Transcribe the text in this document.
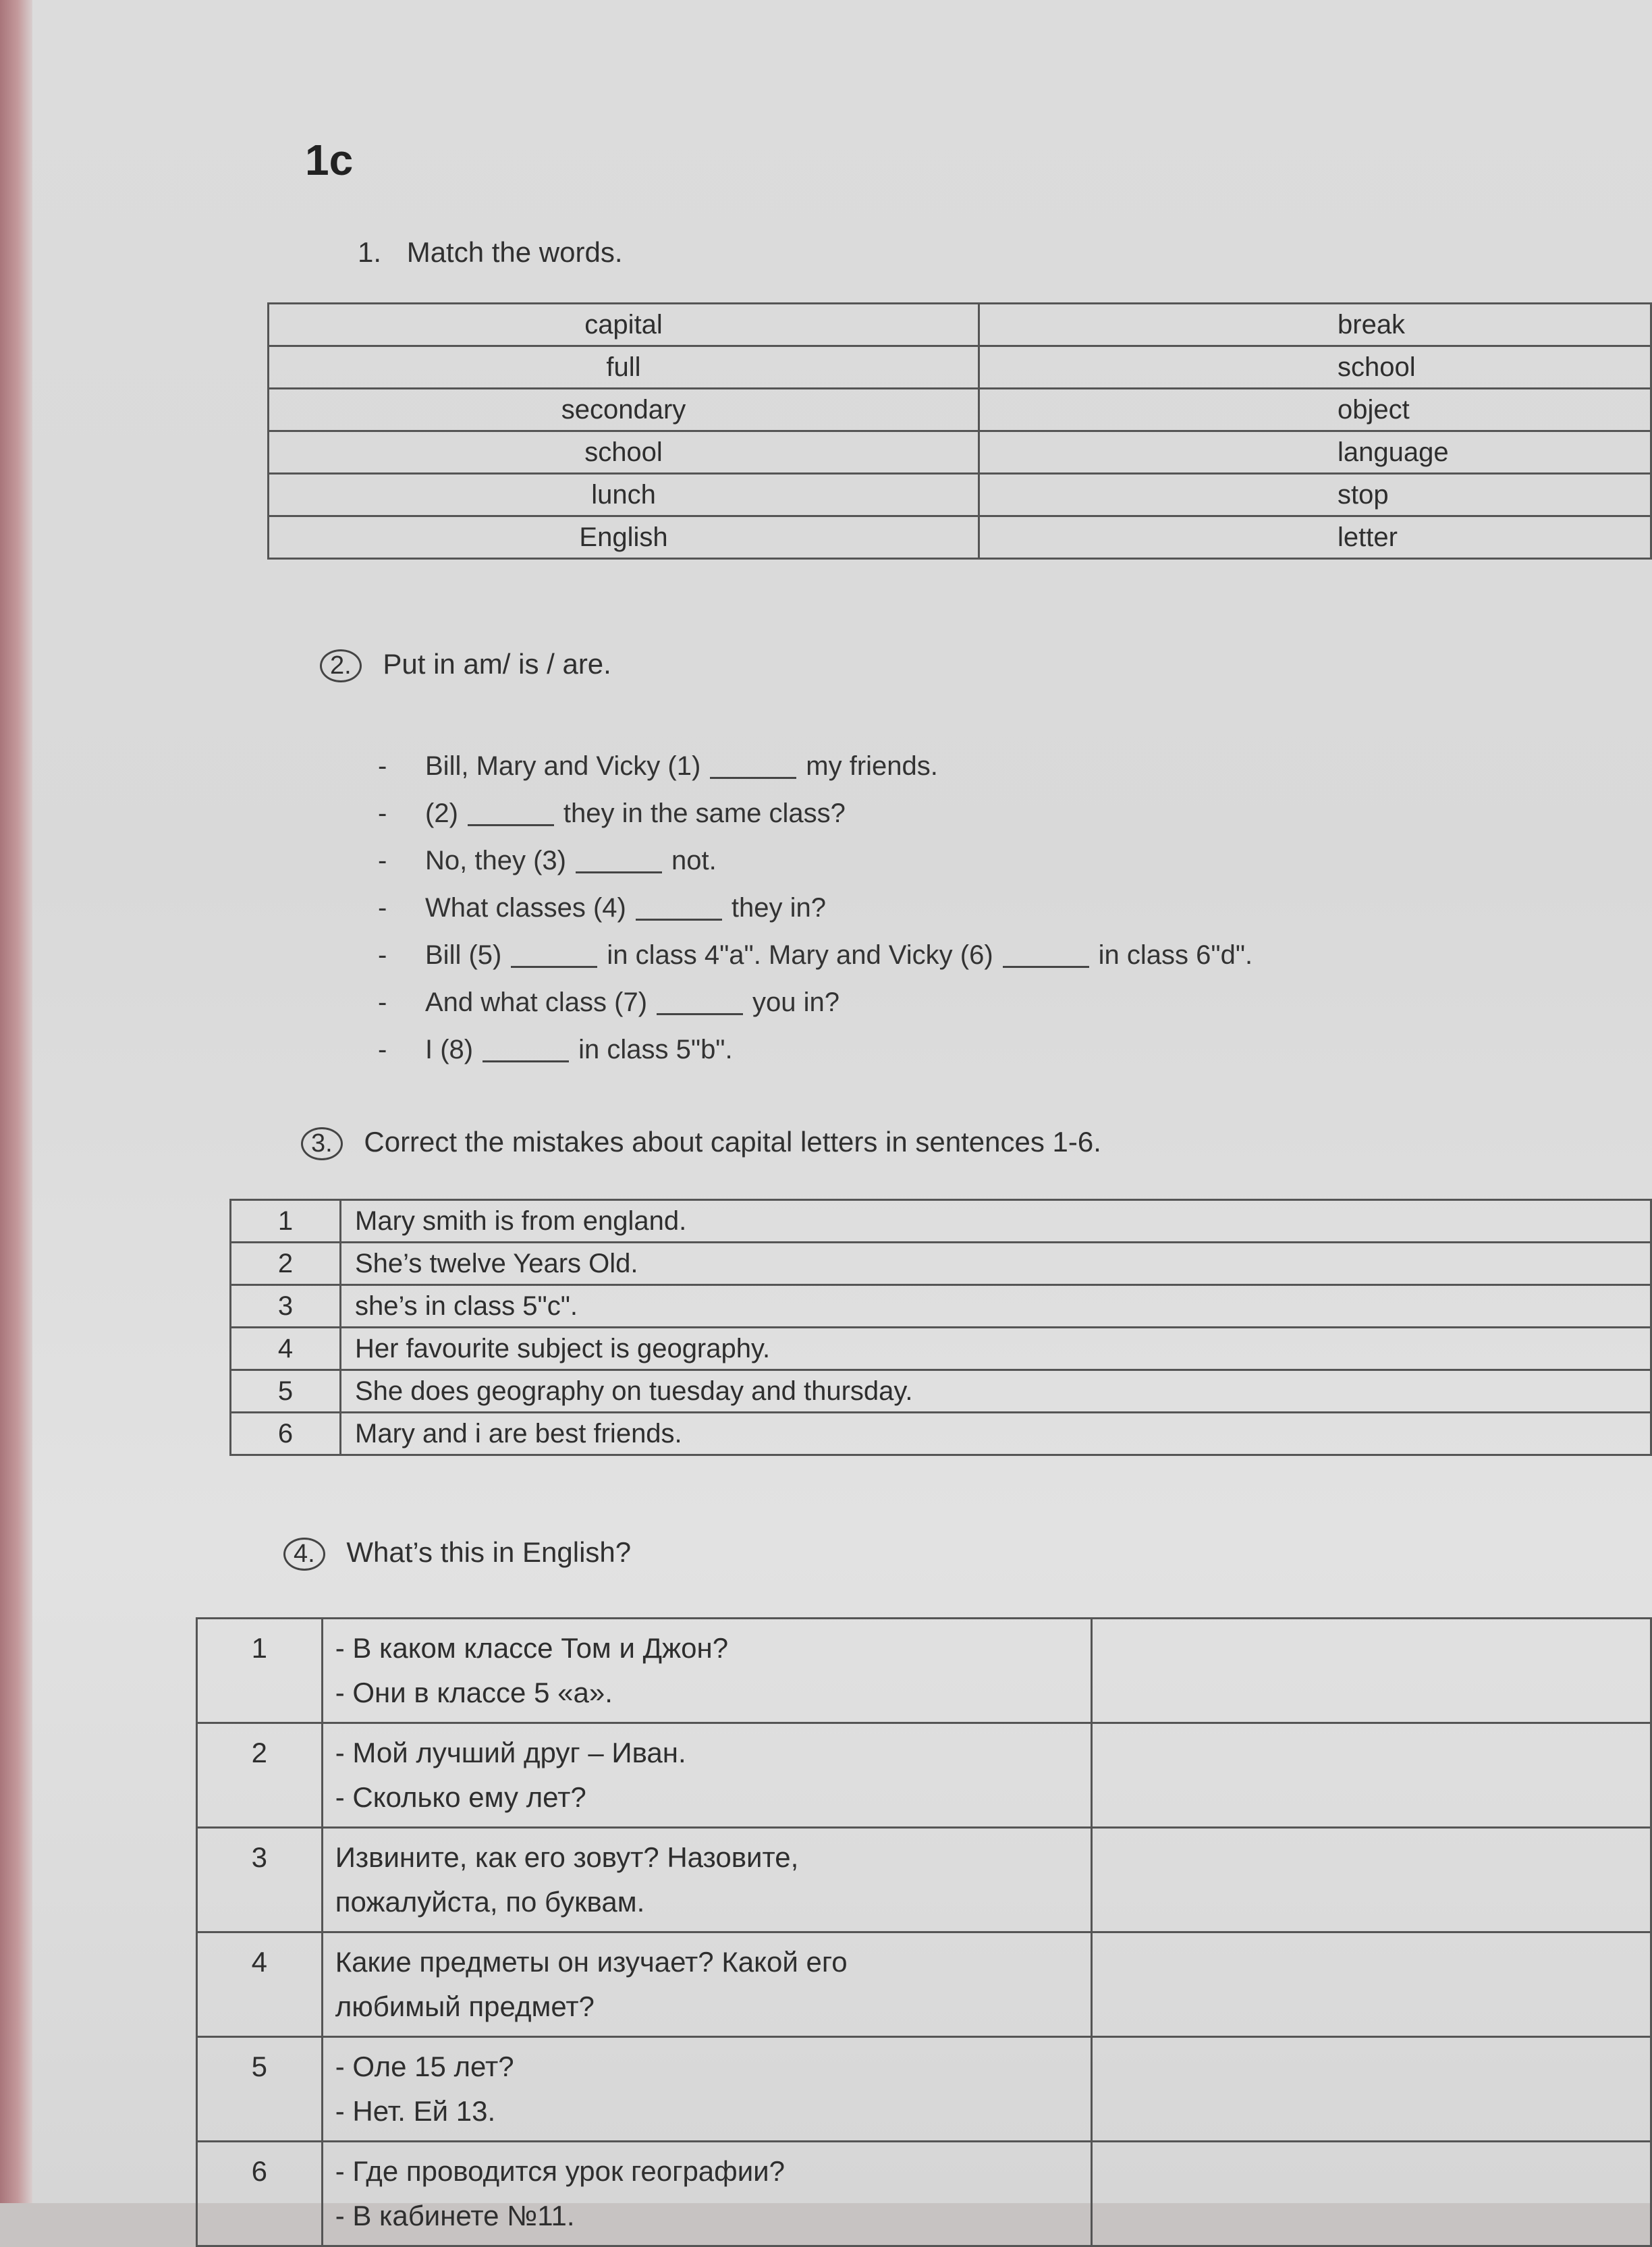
1c
1. Match the words.
capital	break
full	school
secondary	object
school	language
lunch	stop
English	letter
2. Put in am/ is / are.
-	Bill, Mary and Vicky (1)	my friends.
-	(2)	they in the same class?
-	No, they (3)	not.
-	What classes (4)	they in?
-	Bill (5)	in class 4"a". Mary and Vicky (6)	in class 6"d".
-	And what class (7)	you in?
-	I (8)	in class 5"b".
3. Correct the mistakes about capital letters in sentences 1-6.
1	Mary smith is from england.
2	She’s twelve Years Old.
3	she’s in class 5"c".
4	Her favourite subject is geography.
5	She does geography on tuesday and thursday.
6	Mary and i are best friends.
4. What’s this in English?
1	- В каком классе Том и Джон?
- Они в классе 5 «а».	

2	- Мой лучший друг – Иван.
- Сколько ему лет?	

3	Извините, как его зовут? Назовите,
пожалуйста, по буквам.	

4	Какие предметы он изучает? Какой его
любимый предмет?	

5	- Оле 15 лет?
- Нет. Ей 13.	

6	- Где проводится урок географии?
- В кабинете №11.	
